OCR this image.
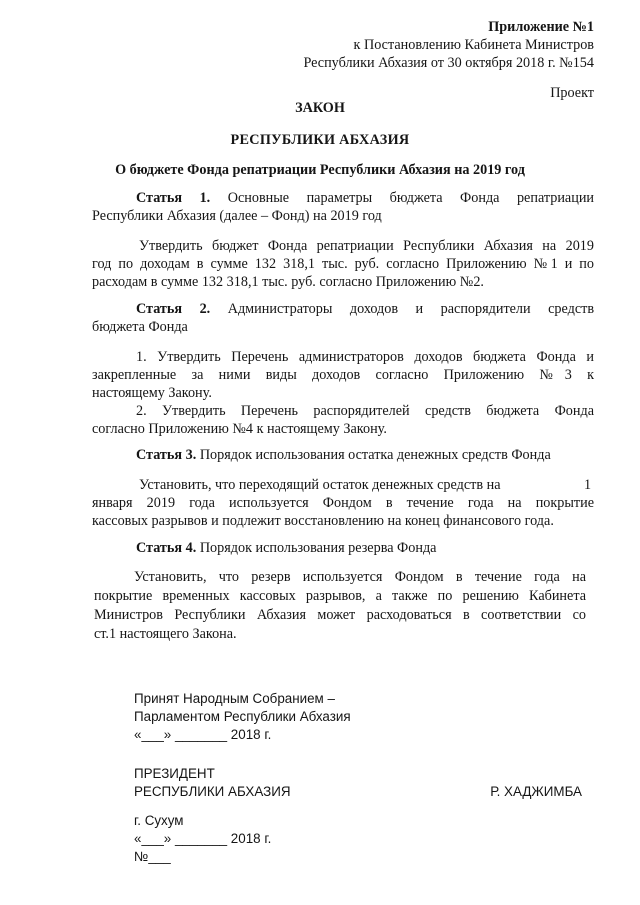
Приложение №1
к Постановлению Кабинета Министров
Республики Абхазия от 30 октября 2018 г. №154
Проект
ЗАКОН
РЕСПУБЛИКИ АБХАЗИЯ
О бюджете Фонда репатриации Республики Абхазия на 2019 год
Статья 1. Основные параметры бюджета Фонда репатриации
Республики Абхазия (далее – Фонд) на 2019 год
Утвердить бюджет Фонда репатриации Республики Абхазия на 2019
год по доходам в сумме 132 318,1 тыс. руб. согласно Приложению №1 и по
расходам в сумме 132 318,1 тыс. руб. согласно Приложению №2.
Статья 2. Администраторы доходов и распорядители средств
бюджета Фонда
1. Утвердить Перечень администраторов доходов бюджета Фонда и
закрепленные за ними виды доходов согласно Приложению №3 к
настоящему Закону.
2. Утвердить Перечень распорядителей средств бюджета Фонда
согласно Приложению №4 к настоящему Закону.
Статья 3. Порядок использования остатка денежных средств Фонда
Установить, что переходящий остаток денежных средств на	1
января 2019 года используется Фондом в течение года на покрытие
кассовых разрывов и подлежит восстановлению на конец финансового года.
Статья 4. Порядок использования резерва Фонда
Установить, что резерв используется Фондом в течение года на
покрытие временных кассовых разрывов, а также по решению Кабинета
Министров Республики Абхазия может расходоваться в соответствии со
ст.1 настоящего Закона.
Принят Народным Собранием –
Парламентом Республики Абхазия
«___» _______ 2018 г.
ПРЕЗИДЕНТ
РЕСПУБЛИКИ АБХАЗИЯ	Р. ХАДЖИМБА
г. Сухум
«___» _______ 2018 г.
№___
